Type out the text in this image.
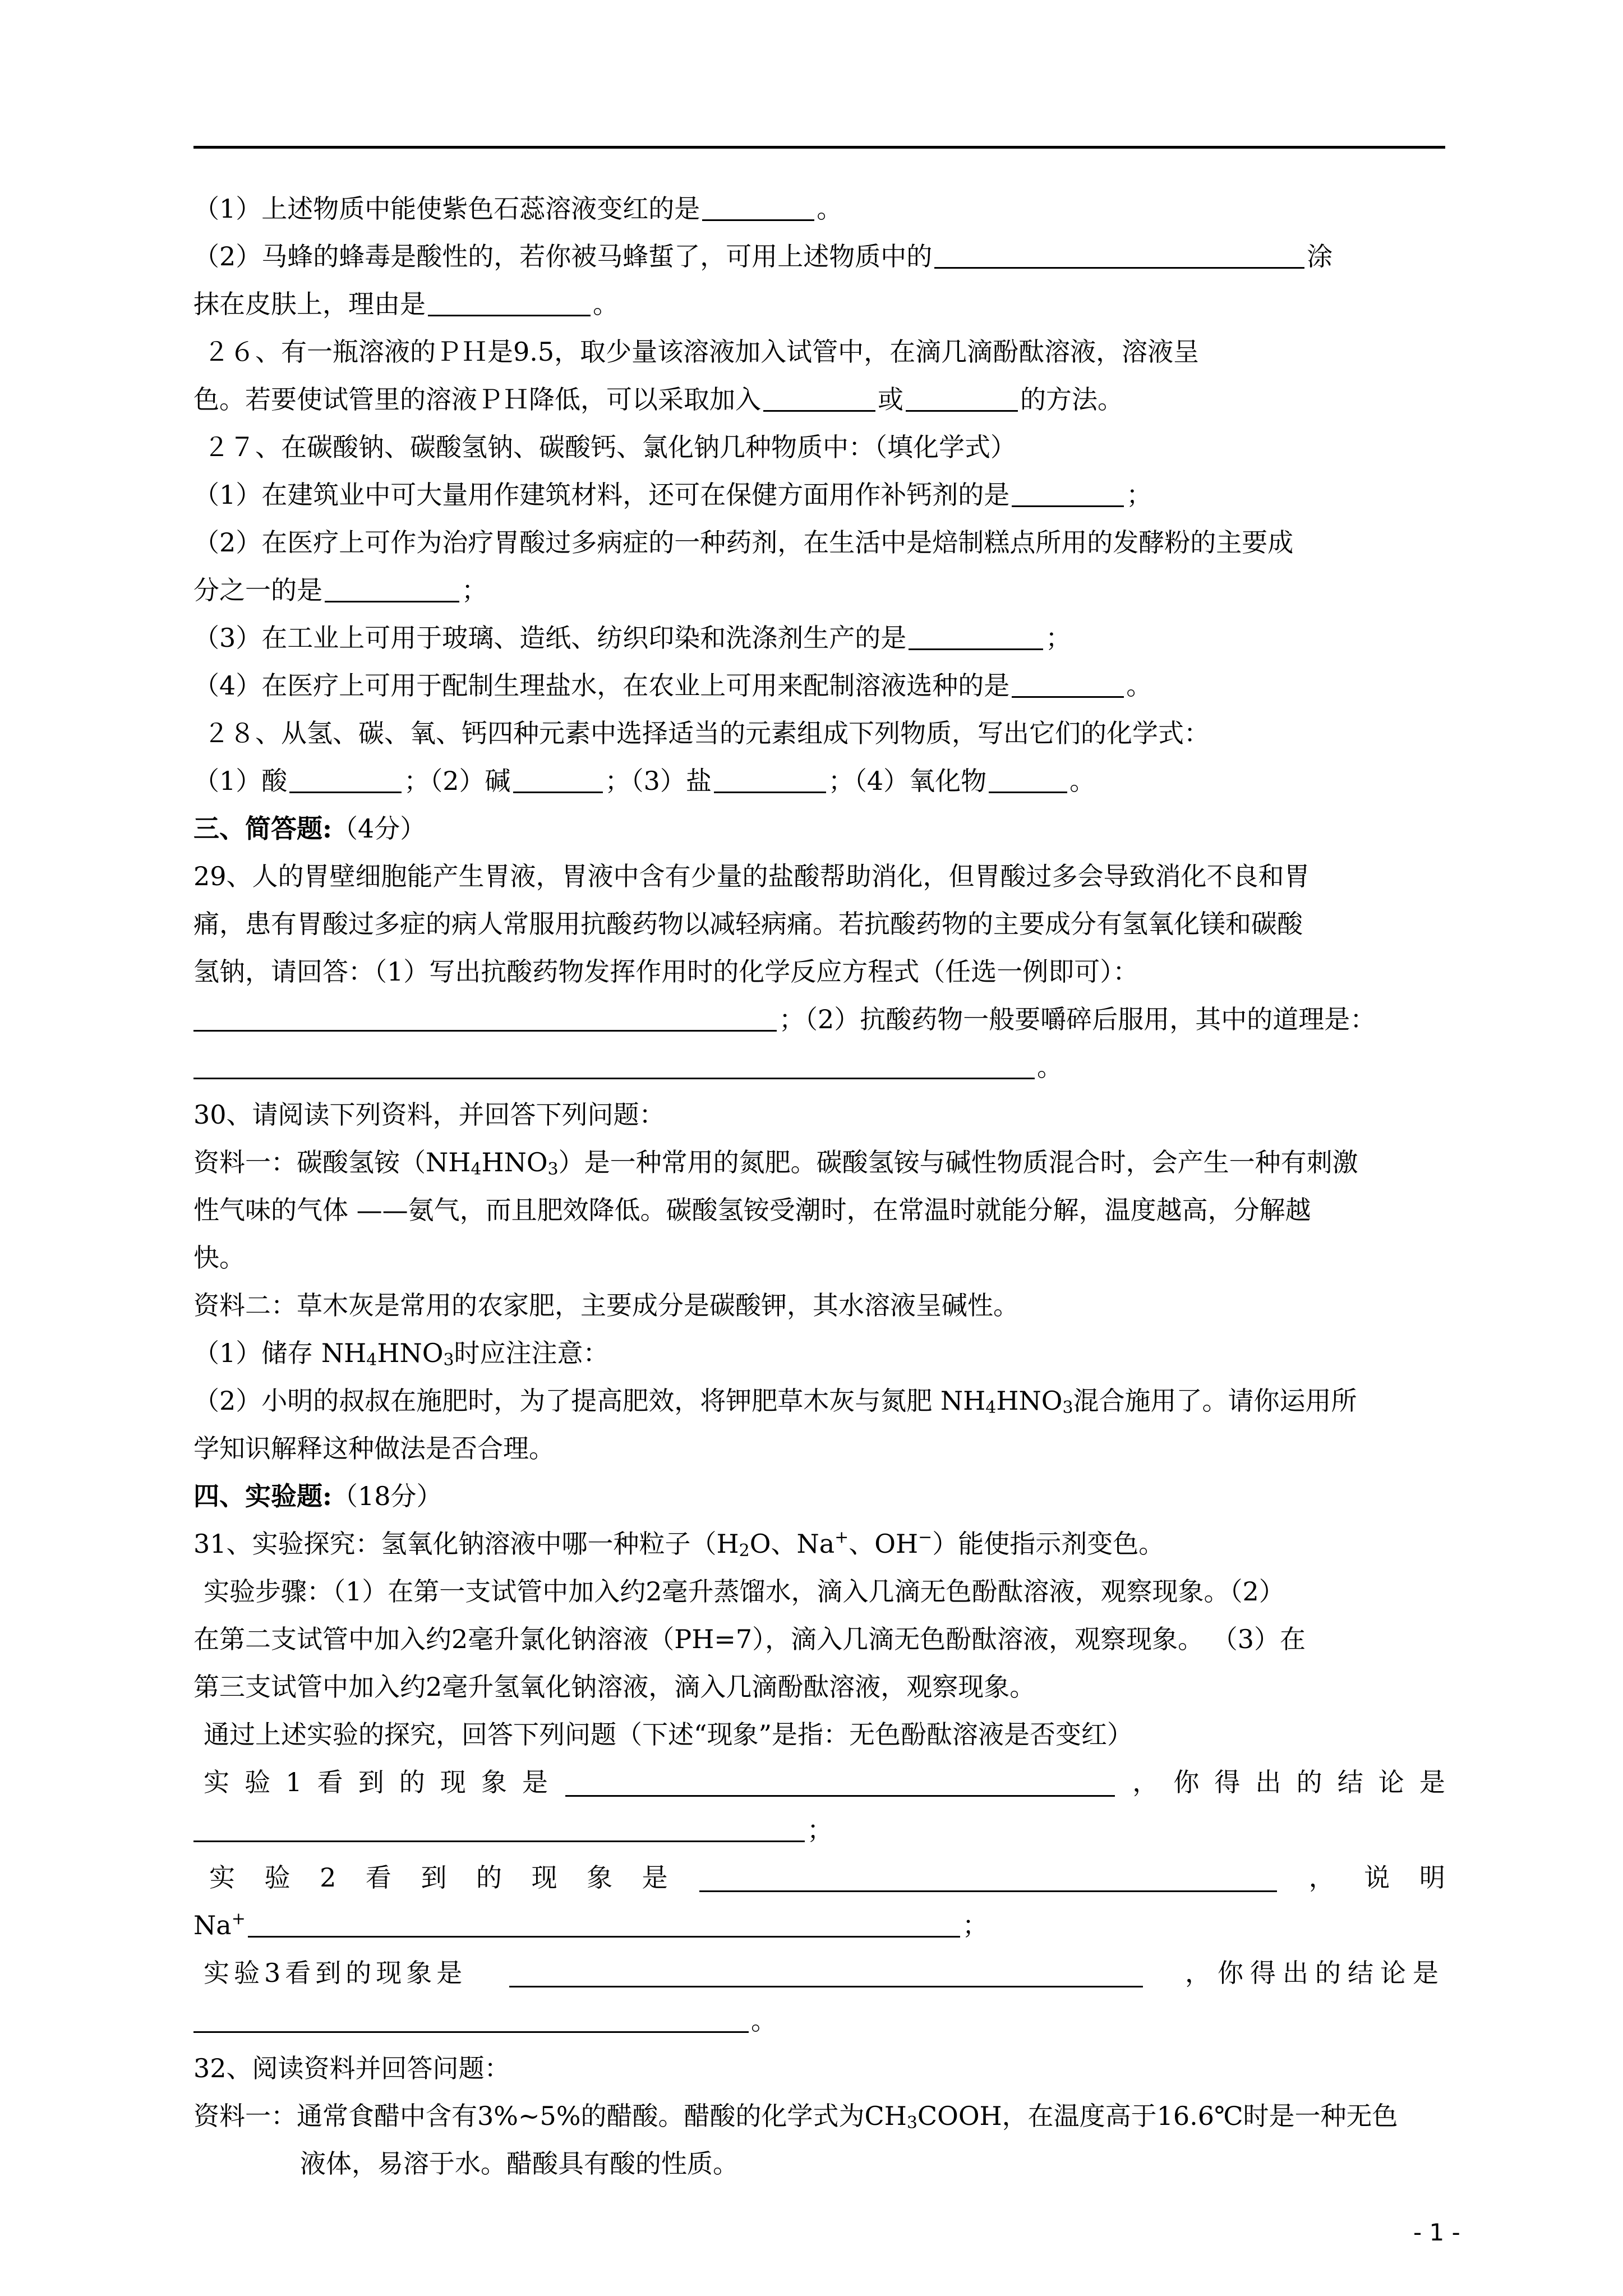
（1）上述物质中能使紫色石蕊溶液变红的是	。
（2）马蜂的蜂毒是酸性的，若你被马蜂蜇了，可用上述物质中的	涂
抹在皮肤上，理由是	。
２６、有一瓶溶液的ＰＨ是9.5，取少量该溶液加入试管中，在滴几滴酚酞溶液，溶液呈
色。若要使试管里的溶液ＰＨ降低，可以采取加入	或	的方法。
２７、在碳酸钠、碳酸氢钠、碳酸钙、氯化钠几种物质中：（填化学式）
（1）在建筑业中可大量用作建筑材料，还可在保健方面用作补钙剂的是	；
（2）在医疗上可作为治疗胃酸过多病症的一种药剂，在生活中是焙制糕点所用的发酵粉的主要成
分之一的是	；
（3）在工业上可用于玻璃、造纸、纺织印染和洗涤剂生产的是	；
（4）在医疗上可用于配制生理盐水，在农业上可用来配制溶液选种的是	。
２８、从氢、碳、氧、钙四种元素中选择适当的元素组成下列物质，写出它们的化学式：
（1）酸	；（2）碱	；（3）盐	；（4）氧化物	。
三、简答题:（4分）
29、人的胃壁细胞能产生胃液，胃液中含有少量的盐酸帮助消化，但胃酸过多会导致消化不良和胃
痛，患有胃酸过多症的病人常服用抗酸药物以减轻病痛。若抗酸药物的主要成分有氢氧化镁和碳酸
氢钠，请回答：（1）写出抗酸药物发挥作用时的化学反应方程式（任选一例即可）：
；（2）抗酸药物一般要嚼碎后服用，其中的道理是：
。
30、请阅读下列资料，并回答下列问题：
资料一：碳酸氢铵$(NH_4HNO_3)$是一种常用的氮肥。碳酸氢铵与碱性物质混合时，会产生一种有刺激
性气味的气体 ——氨气，而且肥效降低。碳酸氢铵受潮时，在常温时就能分解，温度越高，分解越
快。
资料二：草木灰是常用的农家肥，主要成分是碳酸钾，其水溶液呈碱性。
（1）储存 $NH_4HNO_3$时应注注意：
（2）小明的叔叔在施肥时，为了提高肥效，将钾肥草木灰与氮肥 $NH_4HNO_3$混合施用了。请你运用所
学知识解释这种做法是否合理。
四、实验题:（18分）
31、实验探究：氢氧化钠溶液中哪一种粒子（$H_2O$、Na+、OH−）能使指示剂变色。
实验步骤：（1）在第一支试管中加入约2毫升蒸馏水，滴入几滴无色酚酞溶液，观察现象。（2）
在第二支试管中加入约2毫升氯化钠溶液（PH=7），滴入几滴无色酚酞溶液，观察现象。 （3）在
第三支试管中加入约2毫升氢氧化钠溶液，滴入几滴酚酞溶液，观察现象。
通过上述实验的探究，回答下列问题（下述“现象”是指：无色酚酞溶液是否变红）
实 验 1 看 到 的 现 象 是	， 你 得 出 的 结 论 是
；
实 验 2 看 到 的 现 象 是	， 说 明
Na+	；
实验3看到的现象是	，你得出的结论是
。
32、阅读资料并回答问题：
资料一：通常食醋中含有3%~5%的醋酸。醋酸的化学式为$CH_3COOH$，在温度高于16.6℃时是一种无色
液体，易溶于水。醋酸具有酸的性质。
- 1 -
